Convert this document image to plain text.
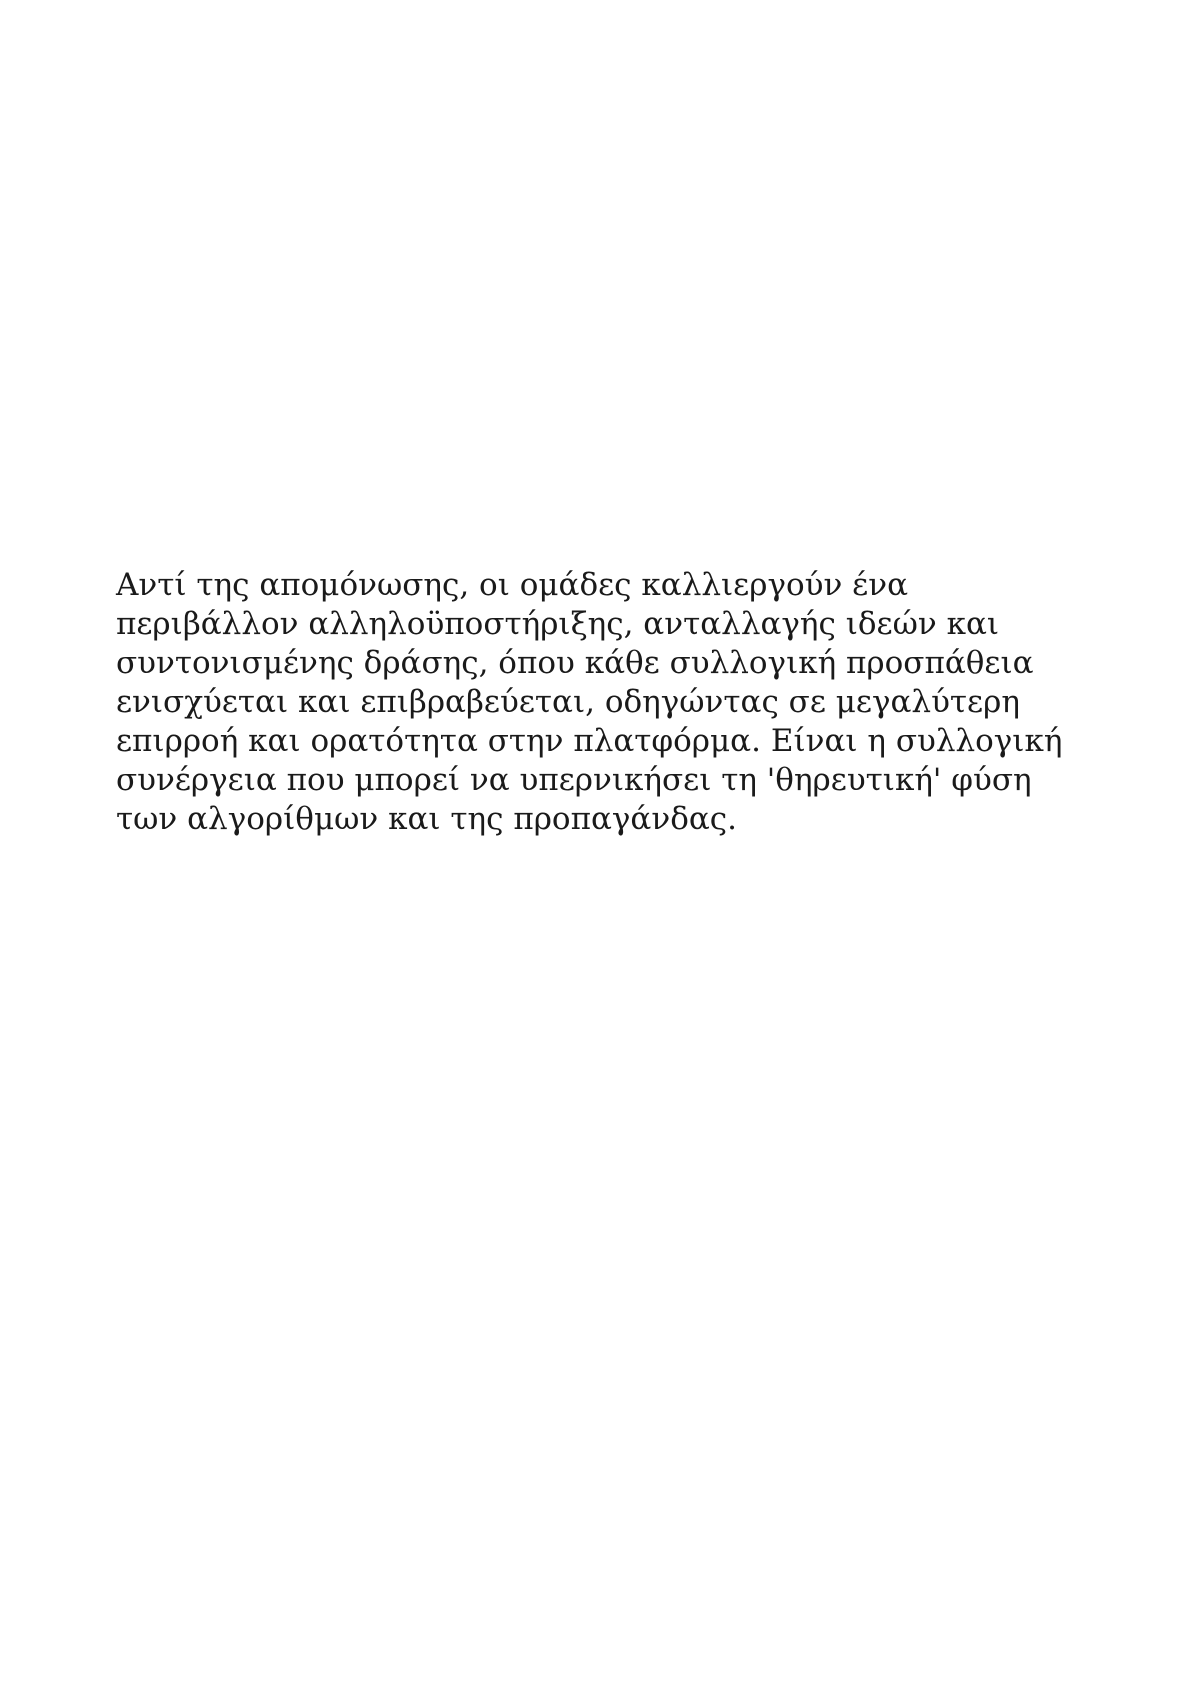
Αντί της απομόνωσης, οι ομάδες καλλιεργούν ένα
περιβάλλον αλληλοϋποστήριξης, ανταλλαγής ιδεών και
συντονισμένης δράσης, όπου κάθε συλλογική προσπάθεια
ενισχύεται και επιβραβεύεται, οδηγώντας σε μεγαλύτερη
επιρροή και ορατότητα στην πλατφόρμα. Είναι η συλλογική
συνέργεια που μπορεί να υπερνικήσει τη 'θηρευτική' φύση
των αλγορίθμων και της προπαγάνδας.
